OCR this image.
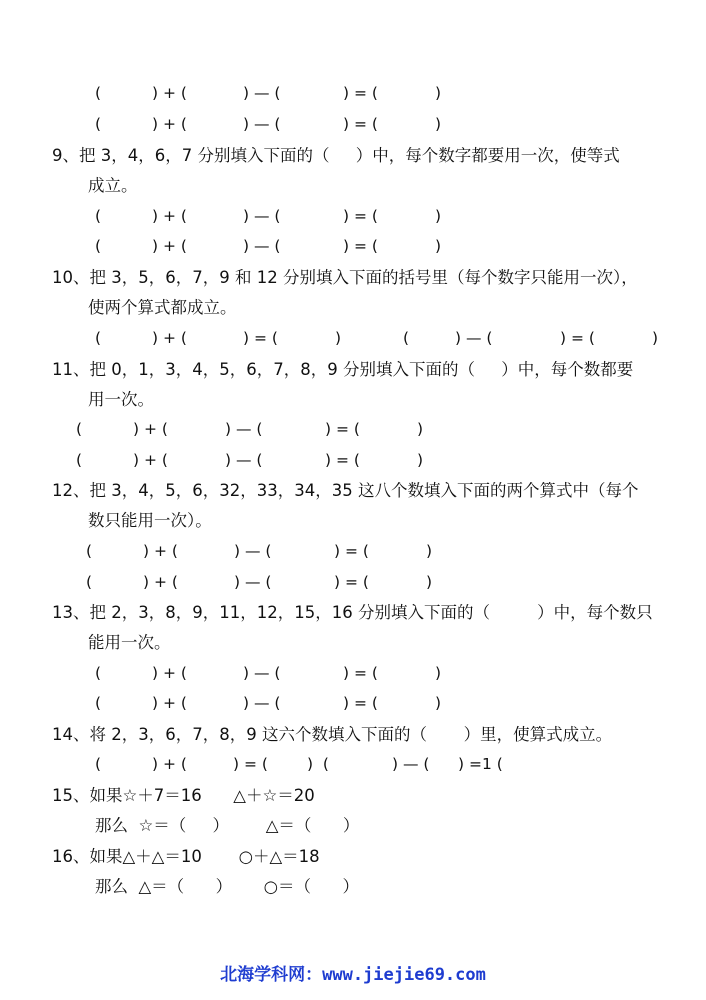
(	) + (	) — (	) = (	)
(	) + (	) — (	) = (	)
9、把 3，4，6，7 分别填入下面的（     ）中，每个数字都要用一次，使等式
成立。
(	) + (	) — (	) = (	)
(	) + (	) — (	) = (	)
10、把 3，5，6，7，9 和 12 分别填入下面的括号里（每个数字只能用一次），
使两个算式都成立。
(	) + (	) = (	)	(	) — (	) = (	)
11、把 0，1，3，4，5，6，7，8，9 分别填入下面的（     ）中，每个数都要
用一次。
(	) + (	) — (	) = (	)
(	) + (	) — (	) = (	)
12、把 3，4，5，6，32，33，34，35 这八个数填入下面的两个算式中（每个
数只能用一次）。
(	) + (	) — (	) = (	)
(	) + (	) — (	) = (	)
13、把 2，3，8，9，11，12，15，16 分别填入下面的（         ）中，每个数只
能用一次。
(	) + (	) — (	) = (	)
(	) + (	) — (	) = (	)
14、将 2，3，6，7，8，9 这六个数填入下面的（       ）里，使算式成立。
(	) + (	) = (	)  (	) — ( ) =1 (
15、如果☆＋7＝16      △＋☆＝20
那么  ☆＝（     ）       △＝（      ）
16、如果△＋△＝10       ○＋△＝18
那么  △＝（      ）      ○＝（      ）
北海学科网：www.jiejie69.com
